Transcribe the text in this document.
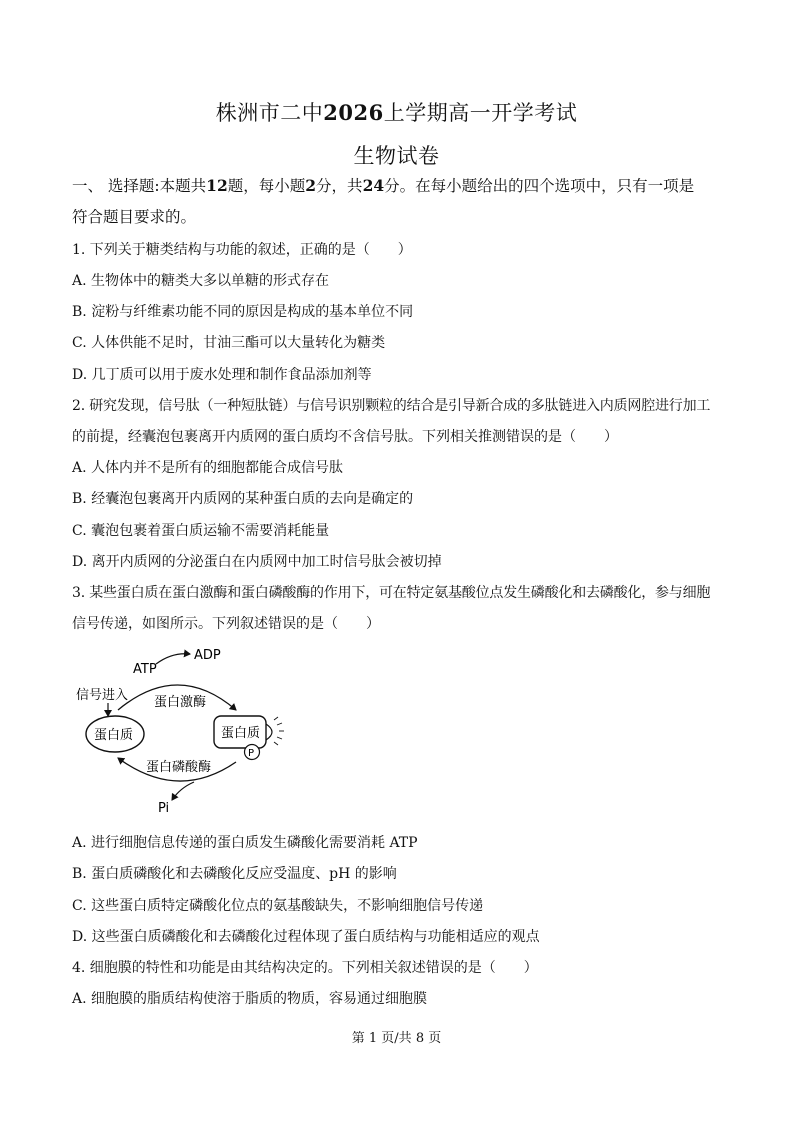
株洲市二中2026上学期高一开学考试
生物试卷
一、 选择题:本题共12题，每小题2分，共24分。在每小题给出的四个选项中，只有一项是
符合题目要求的。
1. 下列关于糖类结构与功能的叙述，正确的是（　　）
A. 生物体中的糖类大多以单糖的形式存在
B. 淀粉与纤维素功能不同的原因是构成的基本单位不同
C. 人体供能不足时，甘油三酯可以大量转化为糖类
D. 几丁质可以用于废水处理和制作食品添加剂等
2. 研究发现，信号肽（一种短肽链）与信号识别颗粒的结合是引导新合成的多肽链进入内质网腔进行加工
的前提，经囊泡包裹离开内质网的蛋白质均不含信号肽。下列相关推测错误的是（　　）
A. 人体内并不是所有的细胞都能合成信号肽
B. 经囊泡包裹离开内质网的某种蛋白质的去向是确定的
C. 囊泡包裹着蛋白质运输不需要消耗能量
D. 离开内质网的分泌蛋白在内质网中加工时信号肽会被切掉
3. 某些蛋白质在蛋白激酶和蛋白磷酸酶的作用下，可在特定氨基酸位点发生磷酸化和去磷酸化，参与细胞
信号传递，如图所示。下列叙述错误的是（　　）
ATP
ADP
信号进入 蛋白激酶
蛋白质	蛋白质
P
蛋白磷酸酶
Pi
A. 进行细胞信息传递的蛋白质发生磷酸化需要消耗 ATP
B. 蛋白质磷酸化和去磷酸化反应受温度、pH 的影响
C. 这些蛋白质特定磷酸化位点的氨基酸缺失，不影响细胞信号传递
D. 这些蛋白质磷酸化和去磷酸化过程体现了蛋白质结构与功能相适应的观点
4. 细胞膜的特性和功能是由其结构决定的。下列相关叙述错误的是（　　）
A. 细胞膜的脂质结构使溶于脂质的物质，容易通过细胞膜
第 1 页/共 8 页
